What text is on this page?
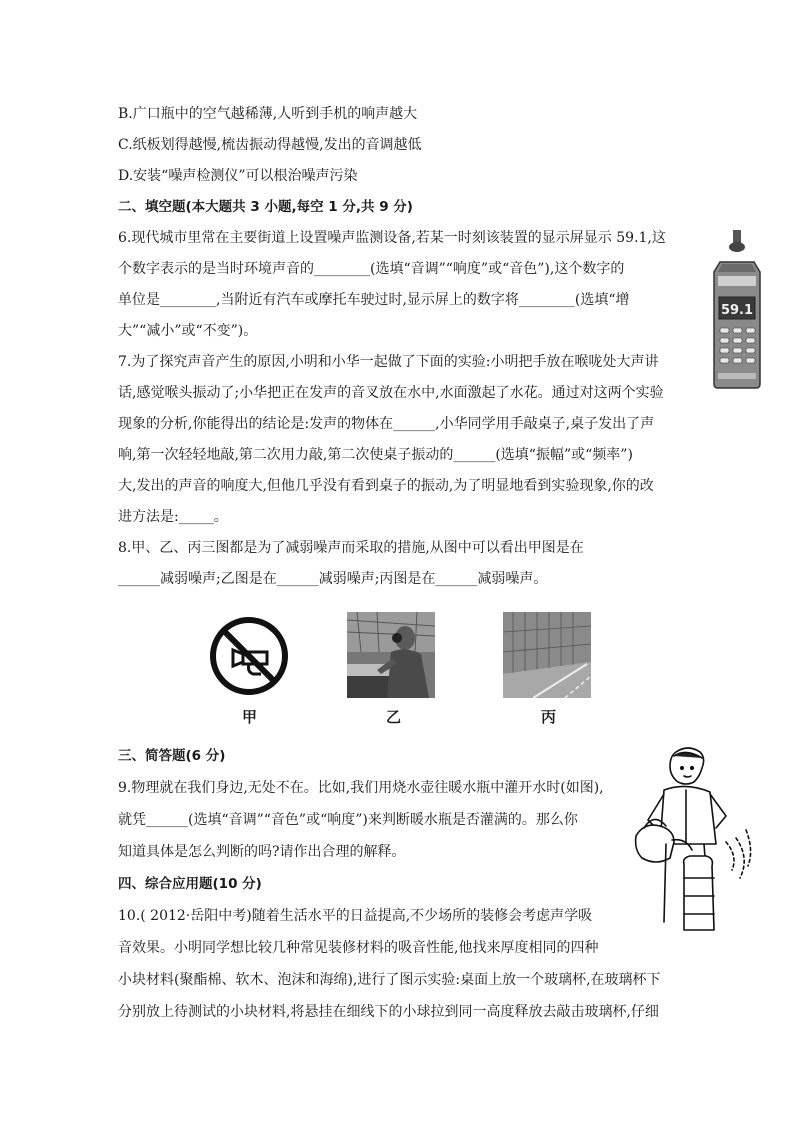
B.广口瓶中的空气越稀薄,人听到手机的响声越大
C.纸板划得越慢,梳齿振动得越慢,发出的音调越低
D.安装“噪声检测仪”可以根治噪声污染
二、填空题(本大题共 3 小题,每空 1 分,共 9 分)
6.现代城市里常在主要街道上设置噪声监测设备,若某一时刻该装置的显示屏显示 59.1,这
个数字表示的是当时环境声音的________(选填“音调”“响度”或“音色”),这个数字的
单位是________,当附近有汽车或摩托车驶过时,显示屏上的数字将________(选填“增
大”“减小”或“不变”)。
59.1
7.为了探究声音产生的原因,小明和小华一起做了下面的实验:小明把手放在喉咙处大声讲
话,感觉喉头振动了;小华把正在发声的音叉放在水中,水面激起了水花。通过对这两个实验
现象的分析,你能得出的结论是:发声的物体在______,小华同学用手敲桌子,桌子发出了声
响,第一次轻轻地敲,第二次用力敲,第二次使桌子振动的______(选填“振幅”或“频率”)
大,发出的声音的响度大,但他几乎没有看到桌子的振动,为了明显地看到实验现象,你的改
进方法是:_____。
8.甲、乙、丙三图都是为了减弱噪声而采取的措施,从图中可以看出甲图是在
______减弱噪声;乙图是在______减弱噪声;丙图是在______减弱噪声。
甲	乙	丙
三、简答题(6 分)
9.物理就在我们身边,无处不在。比如,我们用烧水壶往暖水瓶中灌开水时(如图),
就凭______(选填“音调”“音色”或“响度”)来判断暖水瓶是否灌满的。那么你
知道具体是怎么判断的吗?请作出合理的解释。
四、综合应用题(10 分)
10.( 2012·岳阳中考)随着生活水平的日益提高,不少场所的装修会考虑声学吸
音效果。小明同学想比较几种常见装修材料的吸音性能,他找来厚度相同的四种
小块材料(聚酯棉、软木、泡沫和海绵),进行了图示实验:桌面上放一个玻璃杯,在玻璃杯下
分别放上待测试的小块材料,将悬挂在细线下的小球拉到同一高度释放去敲击玻璃杯,仔细
